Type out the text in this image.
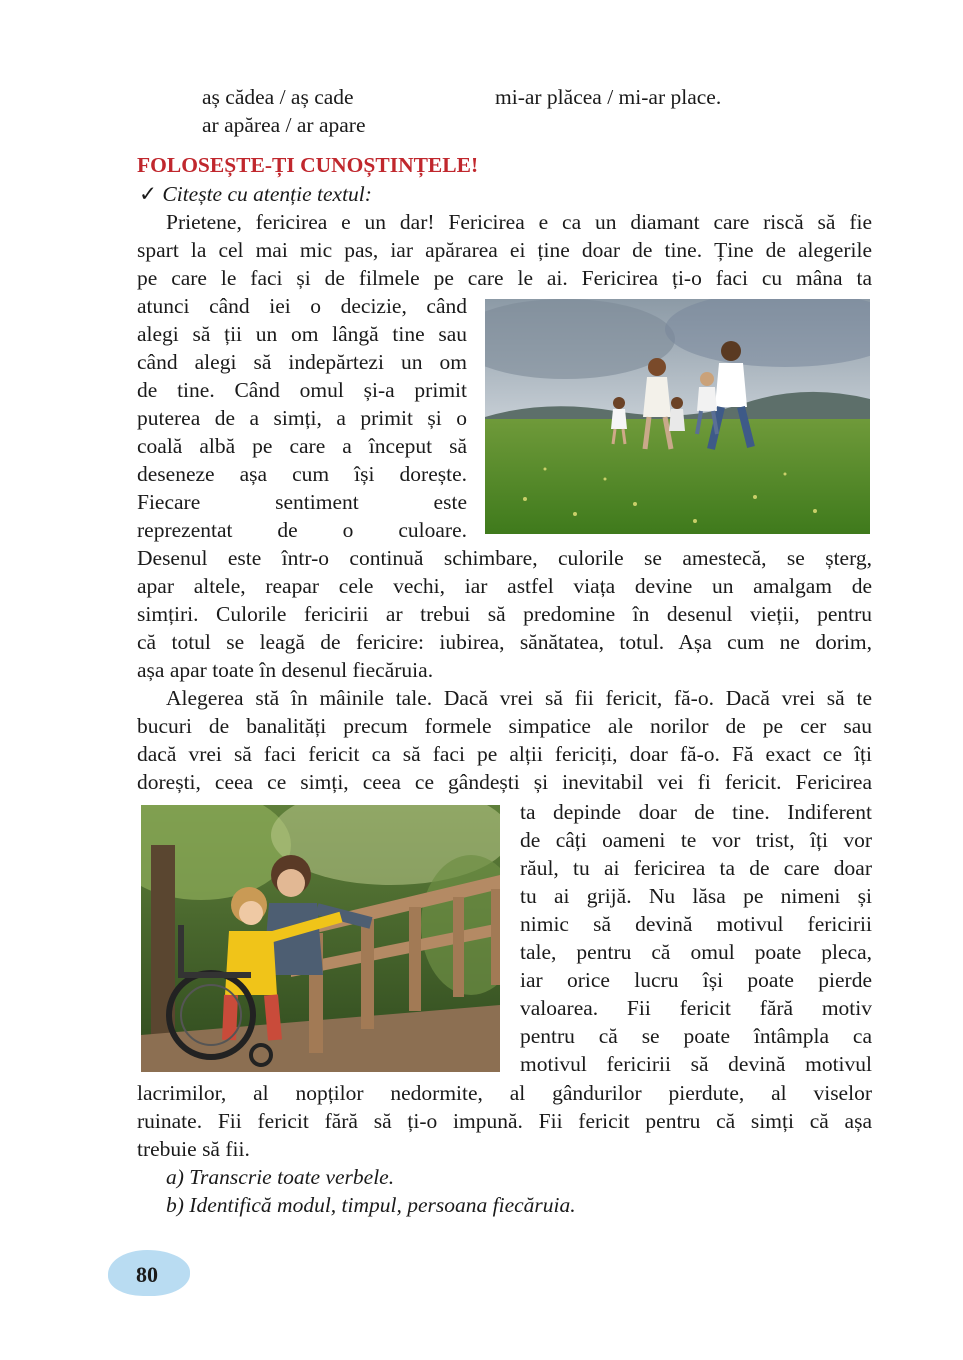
aș cădea / aș cade
ar apărea / ar apare
mi-ar plăcea / mi-ar place.
FOLOSEȘTE-ȚI CUNOȘTINȚELE!
✓ Citește cu atenție textul:
Prietene, fericirea e un dar! Fericirea e ca un diamant care riscă să fie
spart la cel mai mic pas, iar apărarea ei ține doar de tine. Ține de alegerile
pe care le faci și de filmele pe care le ai. Fericirea ți-o faci cu mâna ta
atunci când iei o decizie, când
alegi să ții un om lângă tine sau
când alegi să indepărtezi un om
de tine. Când omul și-a primit
puterea de a simți, a primit și o
coală albă pe care a început să
deseneze așa cum își dorește.
Fiecare sentiment este
reprezentat de o culoare.
Desenul este într-o continuă schimbare, culorile se amestecă, se șterg,
apar altele, reapar cele vechi, iar astfel viața devine un amalgam de
simțiri. Culorile fericirii ar trebui să predomine în desenul vieții, pentru
că totul se leagă de fericire: iubirea, sănătatea, totul. Așa cum ne dorim,
așa apar toate în desenul fiecăruia.
Alegerea stă în mâinile tale. Dacă vrei să fii fericit, fă-o. Dacă vrei să te
bucuri de banalități precum formele simpatice ale norilor de pe cer sau
dacă vrei să faci fericit ca să faci pe alții fericiți, doar fă-o. Fă exact ce îți
dorești, ceea ce simți, ceea ce gândești și inevitabil vei fi fericit. Fericirea
ta depinde doar de tine. Indiferent
de câți oameni te vor trist, îți vor
răul, tu ai fericirea ta de care doar
tu ai grijă. Nu lăsa pe nimeni și
nimic să devină motivul fericirii
tale, pentru că omul poate pleca,
iar orice lucru își poate pierde
valoarea. Fii fericit fără motiv
pentru că se poate întâmpla ca
motivul fericirii să devină motivul
lacrimilor, al nopților nedormite, al gândurilor pierdute, al viselor
ruinate. Fii fericit fără să ți-o impună. Fii fericit pentru că simți că așa
trebuie să fii.
a) Transcrie toate verbele.
b) Identifică modul, timpul, persoana fiecăruia.
80
